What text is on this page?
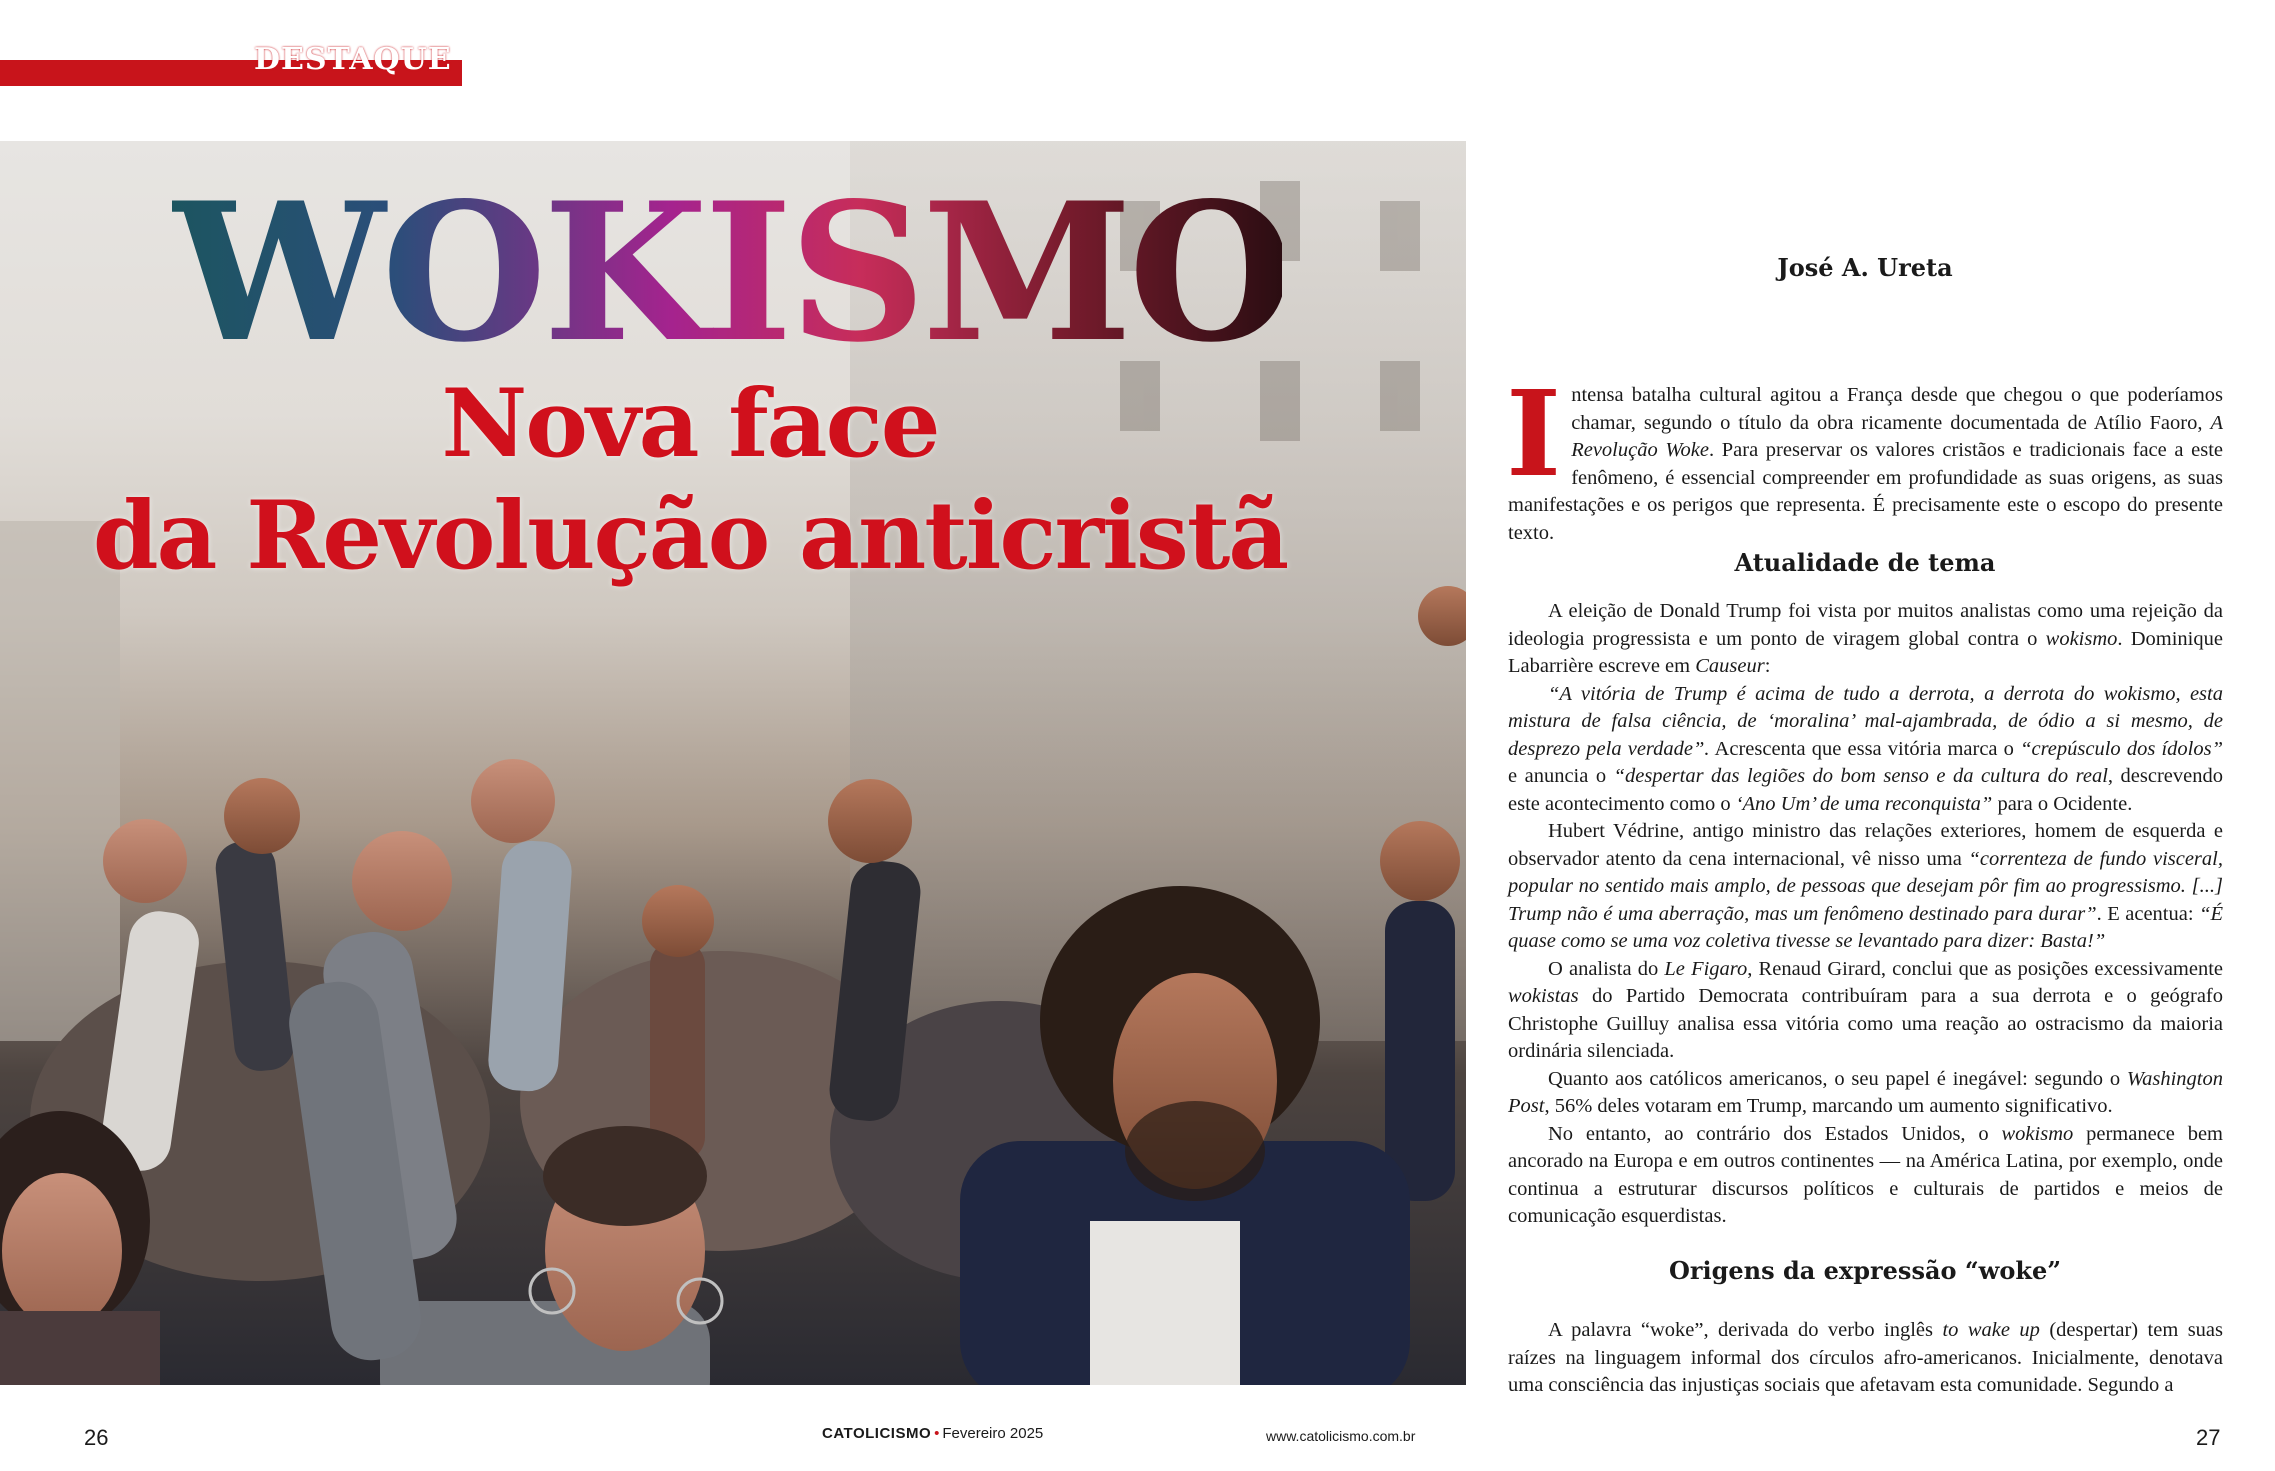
DESTAQUE
WOKISMO
Nova face
da Revolução anticristã
José A. Ureta
I ntensa batalha cultural agitou a França desde que chegou o que poderíamos chamar, segundo o título da obra ricamente documentada de Atílio Faoro, A Revolução Woke. Para preservar os valores cristãos e tradicionais face a este fenômeno, é essencial compreender em profundidade as suas origens, as suas manifestações e os perigos que representa. É precisamente este o escopo do presente texto.

Atualidade de tema

A eleição de Donald Trump foi vista por muitos analistas como uma rejeição da ideologia progressista e um ponto de viragem global contra o wokismo. Dominique Labarrière escreve em Causeur:

“A vitória de Trump é acima de tudo a derrota, a derrota do wokismo, esta mistura de falsa ciência, de ‘moralina’ mal-ajambrada, de ódio a si mesmo, de desprezo pela verdade”. Acrescenta que essa vitória marca o “crepúsculo dos ídolos” e anuncia o “despertar das legiões do bom senso e da cultura do real, descrevendo este acontecimento como o ‘Ano Um’ de uma reconquista” para o Ocidente.

Hubert Védrine, antigo ministro das relações exteriores, homem de esquerda e observador atento da cena internacional, vê nisso uma “correnteza de fundo visceral, popular no sentido mais amplo, de pessoas que desejam pôr fim ao progressismo. [...] Trump não é uma aberração, mas um fenômeno destinado para durar”. E acentua: “É quase como se uma voz coletiva tivesse se levantado para dizer: Basta!”

O analista do Le Figaro, Renaud Girard, conclui que as posições excessivamente wokistas do Partido Democrata contribuíram para a sua derrota e o geógrafo Christophe Guilluy analisa essa vitória como uma reação ao ostracismo da maioria ordinária silenciada.

Quanto aos católicos americanos, o seu papel é inegável: segundo o Washington Post, 56% deles votaram em Trump, marcando um aumento significativo.

No entanto, ao contrário dos Estados Unidos, o wokismo permanece bem ancorado na Europa e em outros continentes — na América Latina, por exemplo, onde continua a estruturar discursos políticos e culturais de partidos e meios de comunicação esquerdistas.

Origens da expressão “woke”

A palavra “woke”, derivada do verbo inglês to wake up (despertar) tem suas raízes na linguagem informal dos círculos afro-americanos. Inicialmente, denotava uma consciência das injustiças sociais que afetavam esta comunidade. Segundo a

26	CATOLICISMO • Fevereiro 2025	www.catolicismo.com.br	27
